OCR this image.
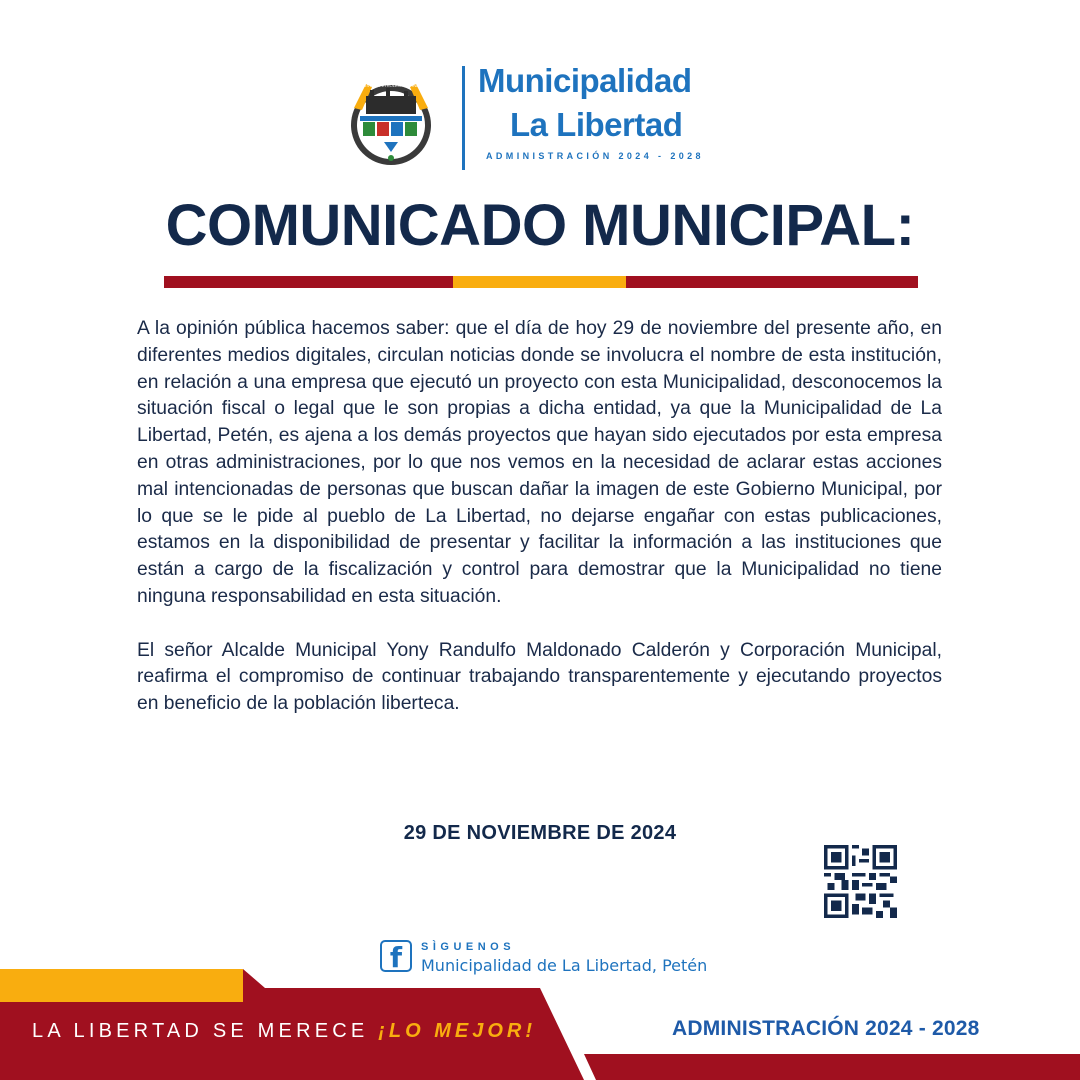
INDUSTRIA PETROLERA REFINERÍA Municipalidad
La Libertad
ADMINISTRACIÓN 2024 - 2028
COMUNICADO MUNICIPAL:

A la opinión pública hacemos saber: que el día de hoy 29 de noviembre del presente año, en diferentes medios digitales, circulan noticias donde se involucra el nombre de esta institución, en relación a una empresa que ejecutó un proyecto con esta Municipalidad, desconocemos la situación fiscal o legal que le son propias a dicha entidad, ya que la Municipalidad de La Libertad, Petén, es ajena a los demás proyectos que hayan sido ejecutados por esta empresa en otras administraciones, por lo que nos vemos en la necesidad de aclarar estas acciones mal intencionadas de personas que buscan dañar la imagen de este Gobierno Municipal, por lo que se le pide al pueblo de La Libertad, no dejarse engañar con estas publicaciones, estamos en la disponibilidad de presentar y facilitar la información a las instituciones que están a cargo de la fiscalización y control para demostrar que la Municipalidad no tiene ninguna responsabilidad en esta situación.

El señor Alcalde Municipal Yony Randulfo Maldonado Calderón y Corporación Municipal, reafirma el compromiso de continuar trabajando transparentemente y ejecutando proyectos en beneficio de la población liberteca.

29 DE NOVIEMBRE DE 2024
f	SÌGUENOS
Municipalidad de La Libertad, Petén
LA LIBERTAD SE MERECE ¡LO MEJOR!	ADMINISTRACIÓN 2024 - 2028
